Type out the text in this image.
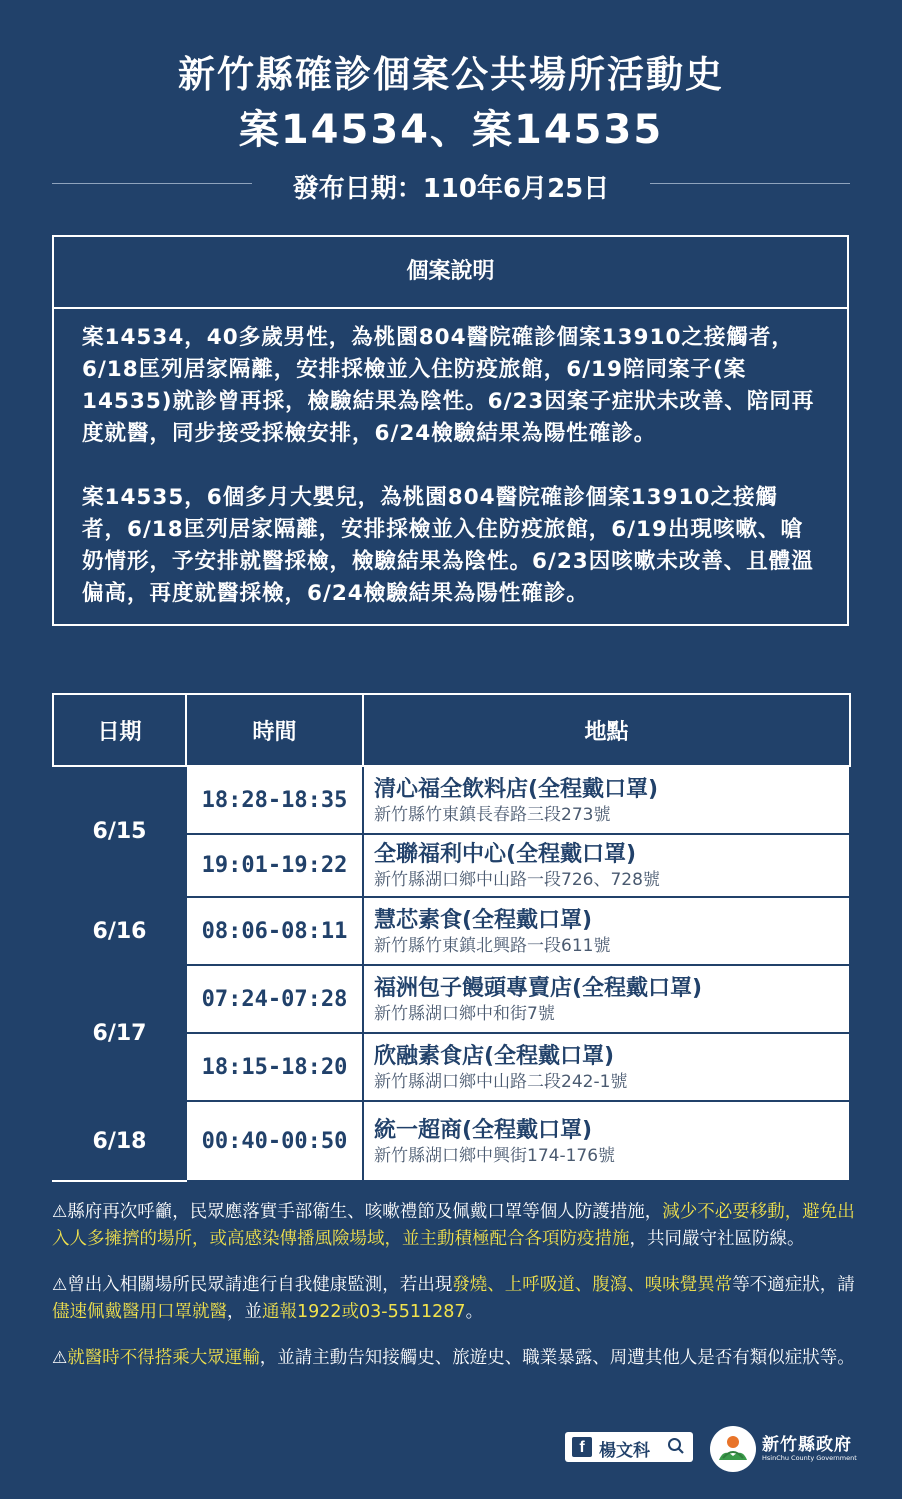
新竹縣確診個案公共場所活動史
案14534、案14535
發布日期：110年6月25日
個案說明

案14534，40多歲男性，為桃園804醫院確診個案13910之接觸者，6/18匡列居家隔離，安排採檢並入住防疫旅館，6/19陪同案子(案14535)就診曾再採，檢驗結果為陰性。6/23因案子症狀未改善、陪同再度就醫，同步接受採檢安排，6/24檢驗結果為陽性確診。

案14535，6個多月大嬰兒，為桃園804醫院確診個案13910之接觸者，6/18匡列居家隔離，安排採檢並入住防疫旅館，6/19出現咳嗽、嗆奶情形，予安排就醫採檢，檢驗結果為陰性。6/23因咳嗽未改善、且體溫偏高，再度就醫採檢，6/24檢驗結果為陽性確診。

日期	時間	地點
6/15	18:28-18:35	清心福全飲料店(全程戴口罩)
新竹縣竹東鎮長春路三段273號

	19:01-19:22	全聯福利中心(全程戴口罩)
新竹縣湖口鄉中山路一段726、728號

6/16	08:06-08:11	慧芯素食(全程戴口罩)
新竹縣竹東鎮北興路一段611號

6/17	07:24-07:28	福洲包子饅頭專賣店(全程戴口罩)
新竹縣湖口鄉中和街7號

	18:15-18:20	欣融素食店(全程戴口罩)
新竹縣湖口鄉中山路二段242-1號

6/18	00:40-00:50	統一超商(全程戴口罩)
新竹縣湖口鄉中興街174-176號

⚠縣府再次呼籲，民眾應落實手部衛生、咳嗽禮節及佩戴口罩等個人防護措施，減少不必要移動，避免出入人多擁擠的場所，或高感染傳播風險場域，並主動積極配合各項防疫措施，共同嚴守社區防線。

⚠曾出入相關場所民眾請進行自我健康監測，若出現發燒、上呼吸道、腹瀉、嗅味覺異常等不適症狀，請儘速佩戴醫用口罩就醫，並通報1922或03-5511287。

⚠就醫時不得搭乘大眾運輸，並請主動告知接觸史、旅遊史、職業暴露、周遭其他人是否有類似症狀等。

f 楊文科	新竹縣政府
HsinChu County Government
